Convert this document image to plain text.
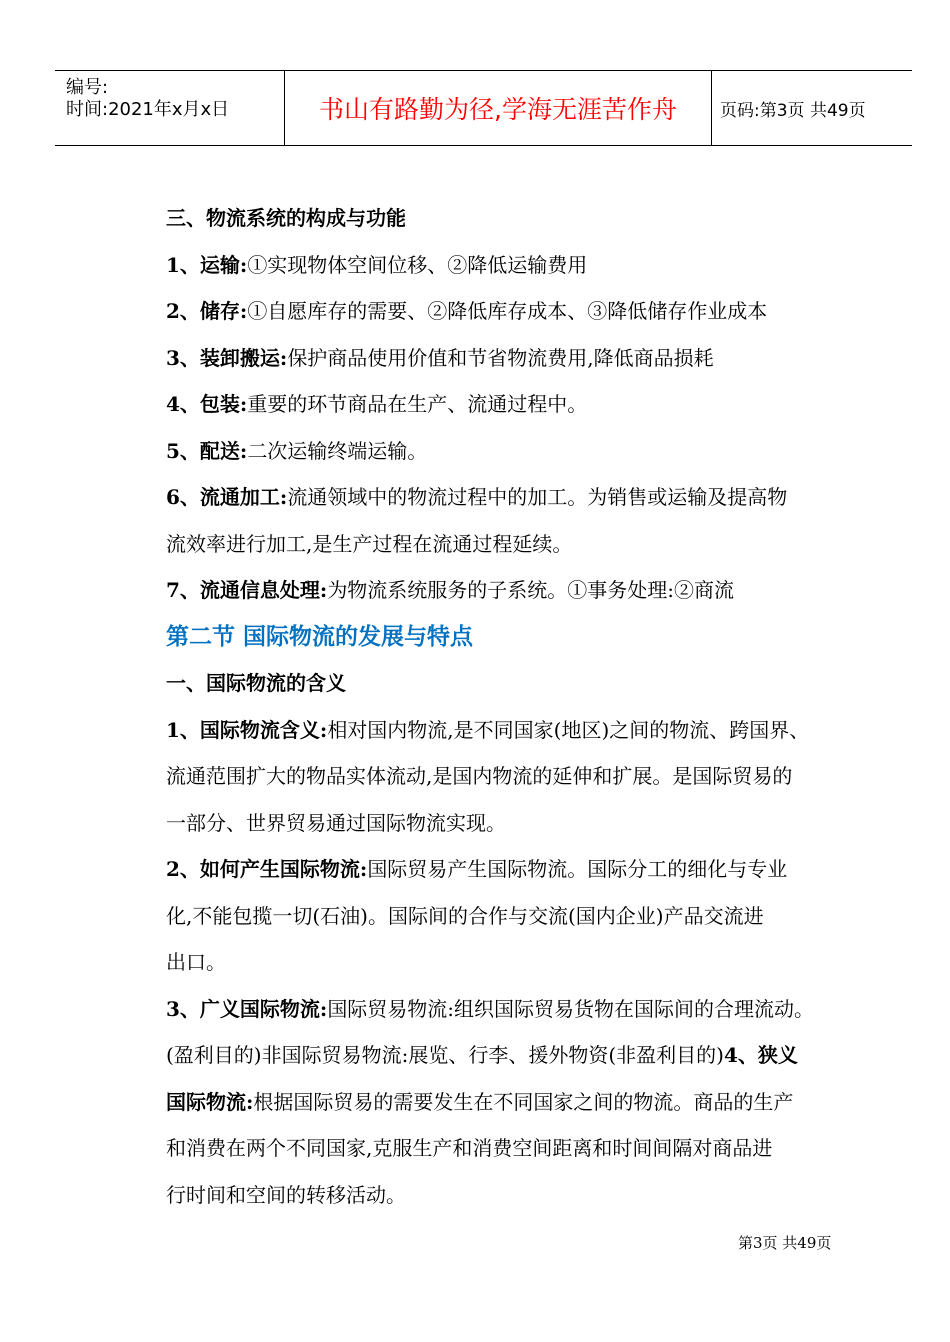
编号:
时间:2021年x月x日	书山有路勤为径,学海无涯苦作舟	页码:第3页 共49页
三、物流系统的构成与功能
1、运输:①实现物体空间位移、②降低运输费用
2、储存:①自愿库存的需要、②降低库存成本、③降低储存作业成本
3、装卸搬运:保护商品使用价值和节省物流费用,降低商品损耗
4、包装:重要的环节商品在生产、流通过程中。
5、配送:二次运输终端运输。
6、流通加工:流通领域中的物流过程中的加工。为销售或运输及提高物
流效率进行加工,是生产过程在流通过程延续。
7、流通信息处理:为物流系统服务的子系统。①事务处理:②商流
第二节 国际物流的发展与特点
一、国际物流的含义
1、国际物流含义:相对国内物流,是不同国家(地区)之间的物流、跨国界、
流通范围扩大的物品实体流动,是国内物流的延伸和扩展。是国际贸易的
一部分、世界贸易通过国际物流实现。
2、如何产生国际物流:国际贸易产生国际物流。国际分工的细化与专业
化,不能包揽一切(石油)。国际间的合作与交流(国内企业)产品交流进
出口。
3、广义国际物流:国际贸易物流:组织国际贸易货物在国际间的合理流动。
(盈利目的)非国际贸易物流:展览、行李、援外物资(非盈利目的)4、狭义
国际物流:根据国际贸易的需要发生在不同国家之间的物流。商品的生产
和消费在两个不同国家,克服生产和消费空间距离和时间间隔对商品进
行时间和空间的转移活动。
第3页 共49页
